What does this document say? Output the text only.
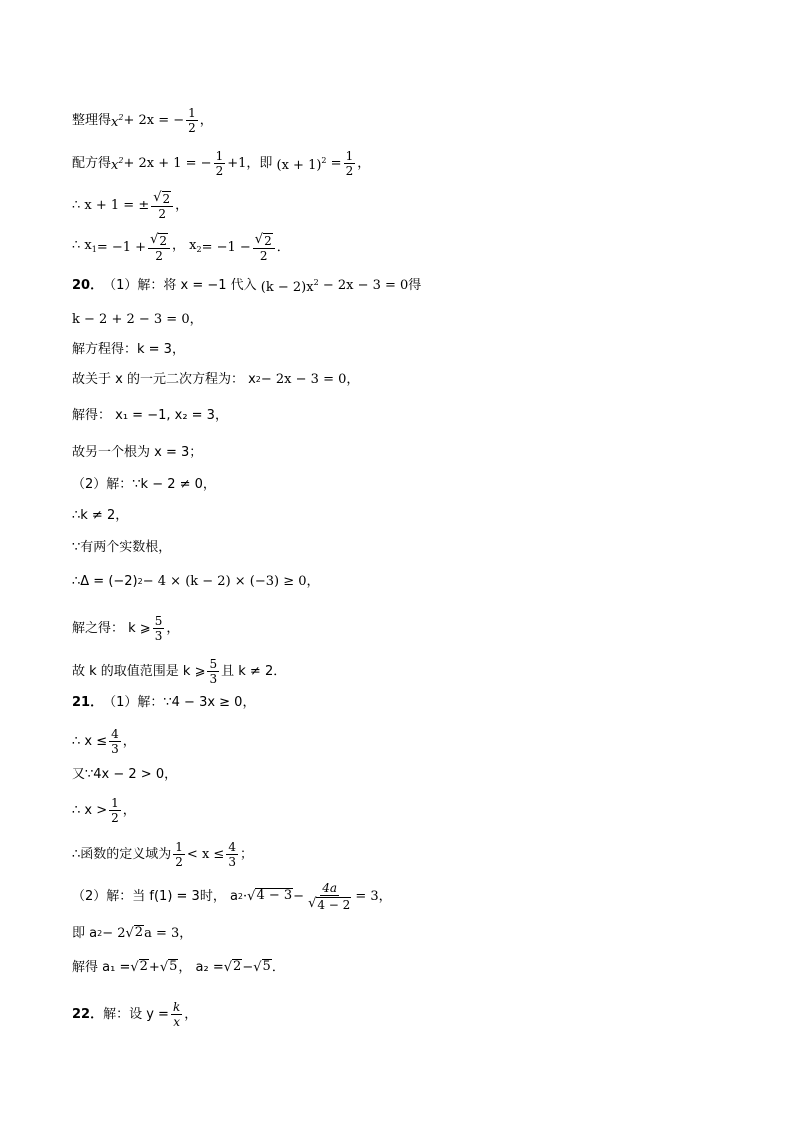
整理得 $x^2 + 2x$ = − $\frac{1}{2}$ ，
配方得 $x^2 + 2x + 1$ = − $\frac{1}{2} +1$，即 $(x + 1)^2 = \frac{1}{2}$ ，
∴ x + 1 = ± $\frac{√ 2}{2}$ ，
∴ $x_1 = -1 + \frac{√ 2}{2}$ ， $x_2 = -1 - \frac{√ 2}{2}$ ．
20． （1）解：将 x = −1 代入 $(k - 2)x^2 - 2x - 3 = 0$得
k − 2 + 2 − 3 = 0，
解方程得：k = 3，
故关于 x 的一元二次方程为： x 2 − 2x − 3 = 0，
解得： x₁ = −1, x₂ = 3，
故另一个根为 x = 3；
（2）解：∵k − 2 ≠ 0，
∴k ≠ 2，
∵有两个实数根，
∴Δ = (−2) 2 − 4 × (k − 2) × (−3) ≥ 0，
解之得： k ⩾ $\frac{5}{3}$ ，
故 k 的取值范围是 k ⩾ $\frac{5}{3}$ 且 k ≠ 2．
21． （1）解：∵4 − 3x ≥ 0，
∴ $x \le \frac{4}{3}$ ，
又∵4x − 2 > 0，
∴ $x > \frac{1}{2}$ ，
∴函数的定义域为 $\frac{1}{2} < x \le \frac{4}{3}$ ；
（2）解：当 f(1) = 3时， a 2 · √ $4 - 3 - \frac{4a}{√ 4 - 2} = 3$，
即 a 2 − 2 √ 2 a = 3，
解得 a₁ = √ 2 + √ 5 ， a₂ = √ 2 − √ 5 ．
22． 解：设 $y = \frac{k}{x}$ ，
